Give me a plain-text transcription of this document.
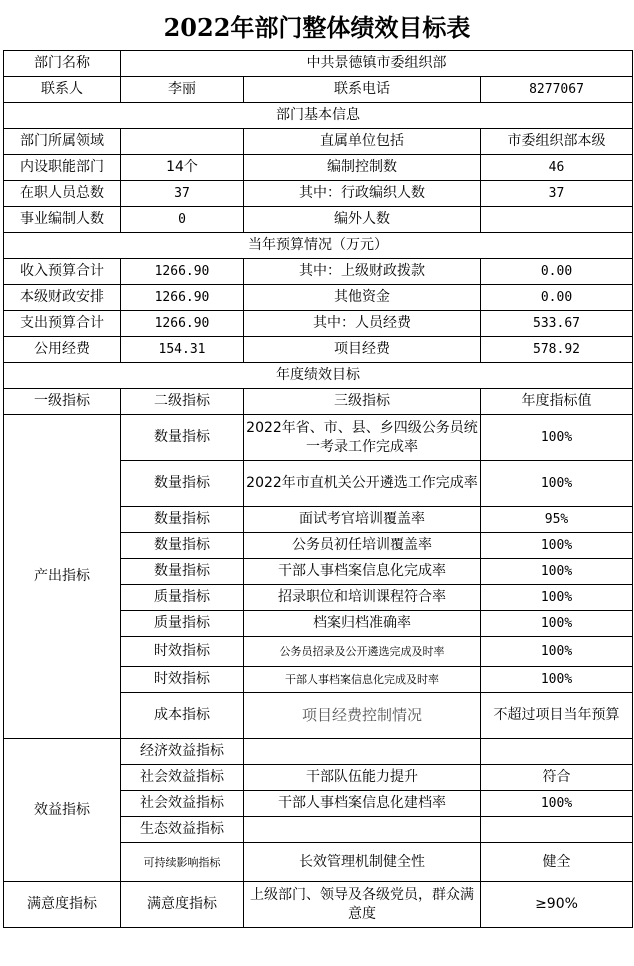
2022年部门整体绩效目标表
部门名称	中共景德镇市委组织部		
联系人	李丽	联系电话	8277067
部门基本信息			
部门所属领域		直属单位包括	市委组织部本级
内设职能部门	14个	编制控制数	46
在职人员总数	37	其中：行政编织人数	37
事业编制人数	0	编外人数	
当年预算情况（万元）			
收入预算合计	1266.90	其中：上级财政拨款	0.00
本级财政安排	1266.90	其他资金	0.00
支出预算合计	1266.90	其中：人员经费	533.67
公用经费	154.31	项目经费	578.92
年度绩效目标			
一级指标	二级指标	三级指标	年度指标值
产出指标	数量指标	2022年省、市、县、乡四级公务员统一考录工作完成率	100%
	数量指标	2022年市直机关公开遴选工作完成率	100%
	数量指标	面试考官培训覆盖率	95%
	数量指标	公务员初任培训覆盖率	100%
	数量指标	干部人事档案信息化完成率	100%
	质量指标	招录职位和培训课程符合率	100%
	质量指标	档案归档准确率	100%
	时效指标	公务员招录及公开遴选完成及时率	100%
	时效指标	干部人事档案信息化完成及时率	100%
	成本指标	项目经费控制情况	不超过项目当年预算
效益指标	经济效益指标		
	社会效益指标	干部队伍能力提升	符合
	社会效益指标	干部人事档案信息化建档率	100%
	生态效益指标		
	可持续影响指标	长效管理机制健全性	健全
满意度指标	满意度指标	上级部门、领导及各级党员，群众满意度	≥90%
